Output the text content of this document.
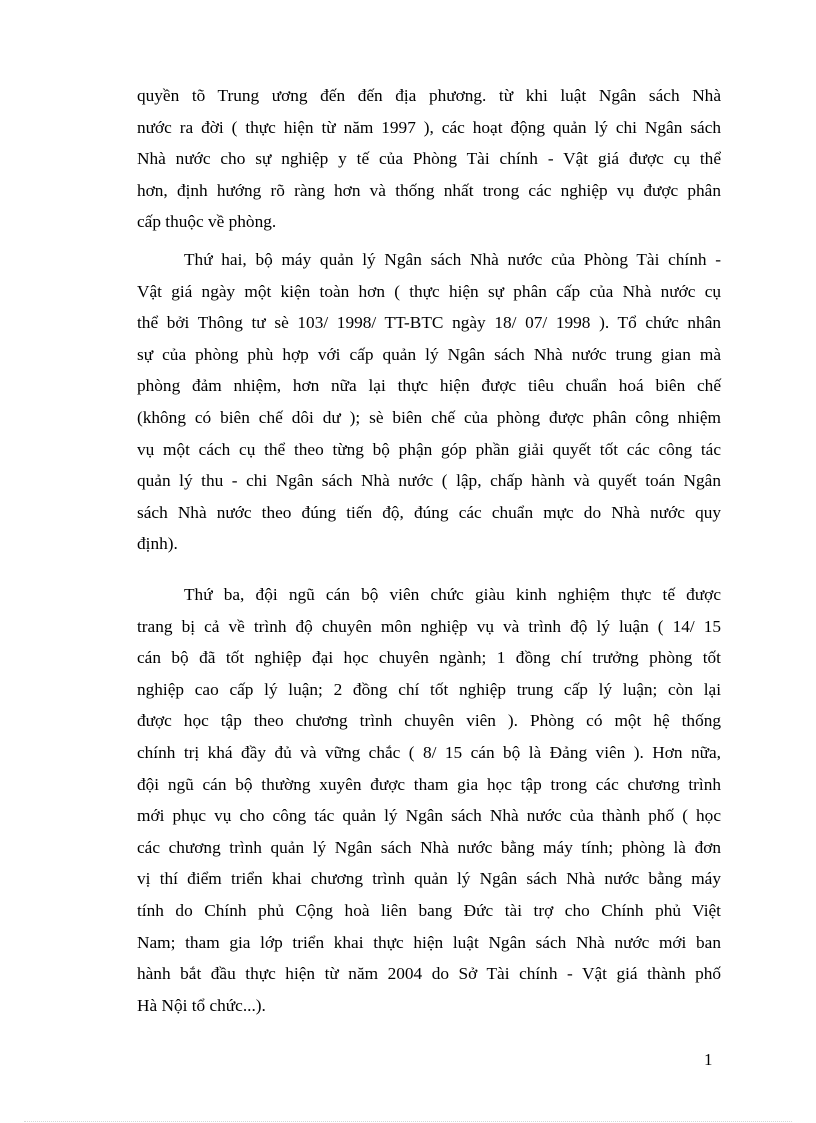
quyền tõ Trung ương đến đến địa phương. từ khi luật Ngân sách Nhà
nước ra đời ( thực hiện từ năm 1997 ), các hoạt động quản lý chi Ngân sách
Nhà nước cho sự nghiệp y tế của Phòng Tài chính - Vật giá được cụ thể
hơn, định hướng rõ ràng hơn và thống nhất trong các nghiệp vụ được phân
cấp thuộc về phòng.

Thứ hai, bộ máy quản lý Ngân sách Nhà nước của Phòng Tài chính -
Vật giá ngày một kiện toàn hơn ( thực hiện sự phân cấp của Nhà nước cụ
thể bởi Thông tư sè 103/ 1998/ TT-BTC ngày 18/ 07/ 1998 ). Tổ chức nhân
sự của phòng phù hợp với cấp quản lý Ngân sách Nhà nước trung gian mà
phòng đảm nhiệm, hơn nữa lại thực hiện được tiêu chuẩn hoá biên chế
(không có biên chế dôi dư ); sè biên chế của phòng được phân công nhiệm
vụ một cách cụ thể theo từng bộ phận góp phần giải quyết tốt các công tác
quản lý thu - chi Ngân sách Nhà nước ( lập, chấp hành và quyết toán Ngân
sách Nhà nước theo đúng tiến độ, đúng các chuẩn mực do Nhà nước quy
định).

Thứ ba, đội ngũ cán bộ viên chức giàu kinh nghiệm thực tế được
trang bị cả về trình độ chuyên môn nghiệp vụ và trình độ lý luận ( 14/ 15
cán bộ đã tốt nghiệp đại học chuyên ngành; 1 đồng chí trưởng phòng tốt
nghiệp cao cấp lý luận; 2 đồng chí tốt nghiệp trung cấp lý luận; còn lại
được học tập theo chương trình chuyên viên ). Phòng có một hệ thống
chính trị khá đầy đủ và vững chắc ( 8/ 15 cán bộ là Đảng viên ). Hơn nữa,
đội ngũ cán bộ thường xuyên được tham gia học tập trong các chương trình
mới phục vụ cho công tác quản lý Ngân sách Nhà nước của thành phố ( học
các chương trình quản lý Ngân sách Nhà nước bằng máy tính; phòng là đơn
vị thí điểm triển khai chương trình quản lý Ngân sách Nhà nước bằng máy
tính do Chính phủ Cộng hoà liên bang Đức tài trợ cho Chính phủ Việt
Nam; tham gia lớp triển khai thực hiện luật Ngân sách Nhà nước mới ban
hành bắt đầu thực hiện từ năm 2004 do Sở Tài chính - Vật giá thành phố
Hà Nội tổ chức...).

1
